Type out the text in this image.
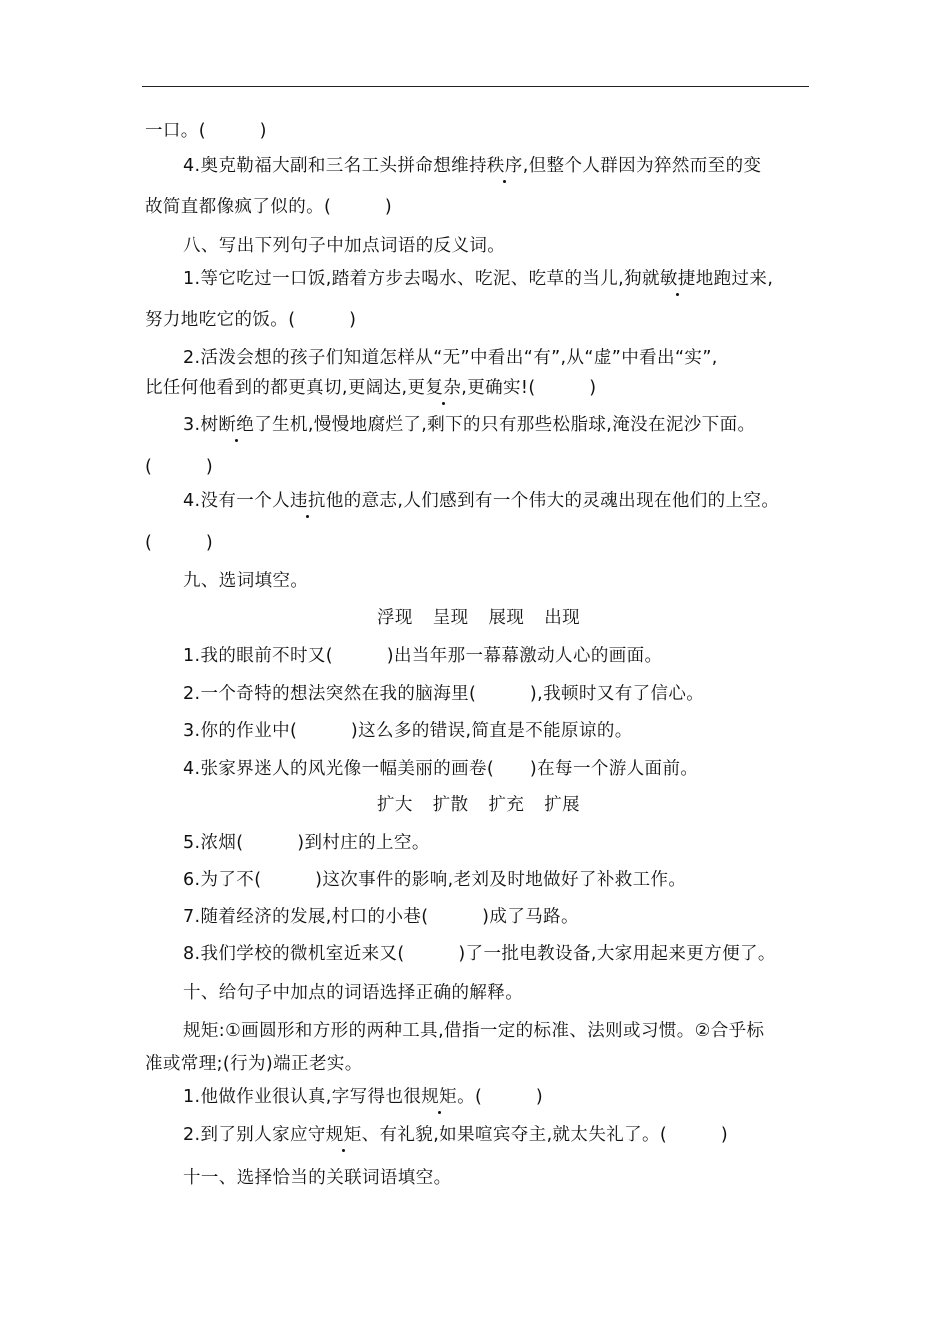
一口。(   )
4.奥克勒福大副和三名工头拼命想维持秩序,但整个人群因为猝然而至的变
故简直都像疯了似的。(   )
八、写出下列句子中加点词语的反义词。
1.等它吃过一口饭,踏着方步去喝水、吃泥、吃草的当儿,狗就敏捷地跑过来,
努力地吃它的饭。(   )
2.活泼会想的孩子们知道怎样从“无”中看出“有”,从“虚”中看出“实”,
比任何他看到的都更真切,更阔达,更复杂,更确实!(   )
3.树断绝了生机,慢慢地腐烂了,剩下的只有那些松脂球,淹没在泥沙下面。
(   )
4.没有一个人违抗他的意志,人们感到有一个伟大的灵魂出现在他们的上空。
(   )
九、选词填空。
浮现 呈现 展现 出现
1.我的眼前不时又(   )出当年那一幕幕激动人心的画面。
2.一个奇特的想法突然在我的脑海里(   ),我顿时又有了信心。
3.你的作业中(   )这么多的错误,简直是不能原谅的。
4.张家界迷人的风光像一幅美丽的画卷(  )在每一个游人面前。
扩大 扩散 扩充 扩展
5.浓烟(   )到村庄的上空。
6.为了不(   )这次事件的影响,老刘及时地做好了补救工作。
7.随着经济的发展,村口的小巷(   )成了马路。
8.我们学校的微机室近来又(   )了一批电教设备,大家用起来更方便了。
十、给句子中加点的词语选择正确的解释。
规矩:①画圆形和方形的两种工具,借指一定的标准、法则或习惯。②合乎标
准或常理;(行为)端正老实。
1.他做作业很认真,字写得也很规矩。(   )
2.到了别人家应守规矩、有礼貌,如果喧宾夺主,就太失礼了。(   )
十一、选择恰当的关联词语填空。
